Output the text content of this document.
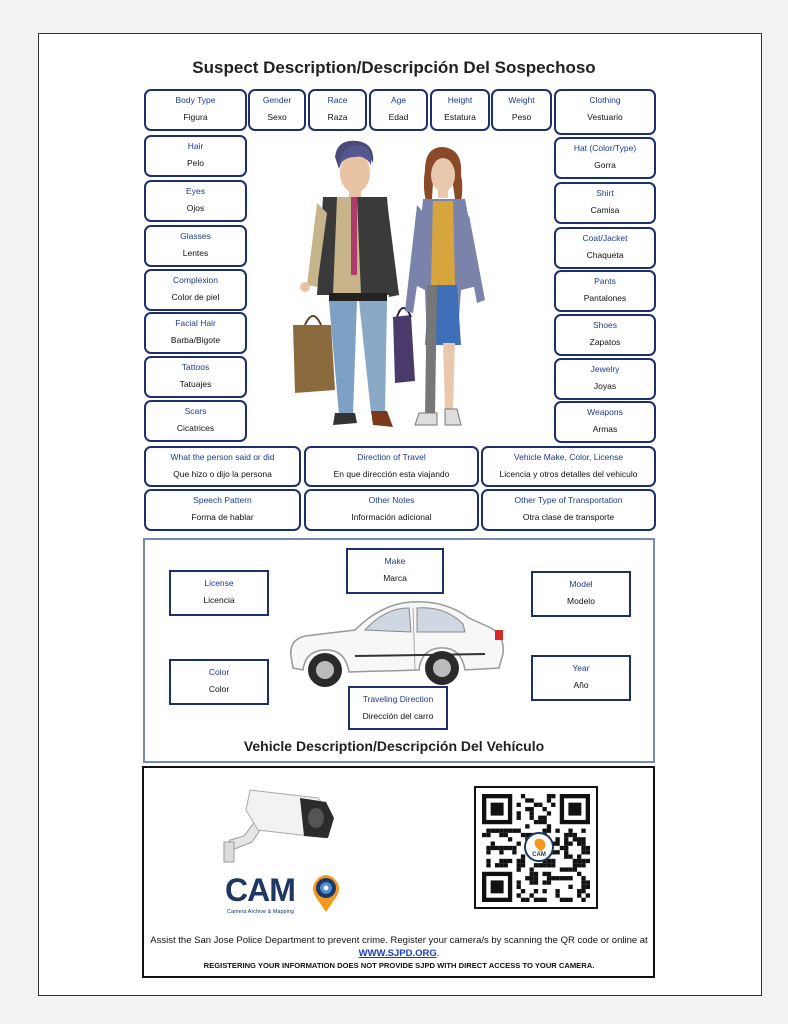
Suspect Description/Descripción Del Sospechoso
Body Type
Figura
Gender
Sexo
Race
Raza
Age
Edad
Height
Estatura
Weight
Peso
Clothing
Vestuario
Hair
Pelo
Eyes
Ojos
Glasses
Lentes
Complexion
Color de piel
Facial Hair
Barba/Bigote
Tattoos
Tatuajes
Scars
Cicatrices
Hat (Color/Type)
Gorra
Shirt
Camisa
Coat/Jacket
Chaqueta
Pants
Pantalones
Shoes
Zapatos
Jewelry
Joyas
Weapons
Armas
What the person said or did
Que hizo o dijo la persona
Direction of Travel
En que dirección esta viajando
Vehicle Make, Color, License
Licencia y otros detalles del vehiculo
Speech Pattern
Forma de hablar
Other Notes
Información adicional
Other Type of Transportation
Otra clase de transporte
Make
Marca
License
Licencia
Model
Modelo
Color
Color
Year
Año
Traveling Direction
Dirección del carro
Vehicle Description/Descripción Del Vehículo
CAM
Camera Archive & Mapping
CAM
Assist the San Jose Police Department to prevent crime. Register your camera/s by scanning the QR code or online at WWW.SJPD.ORG.
REGISTERING YOUR INFORMATION DOES NOT PROVIDE SJPD WITH DIRECT ACCESS TO YOUR CAMERA.
